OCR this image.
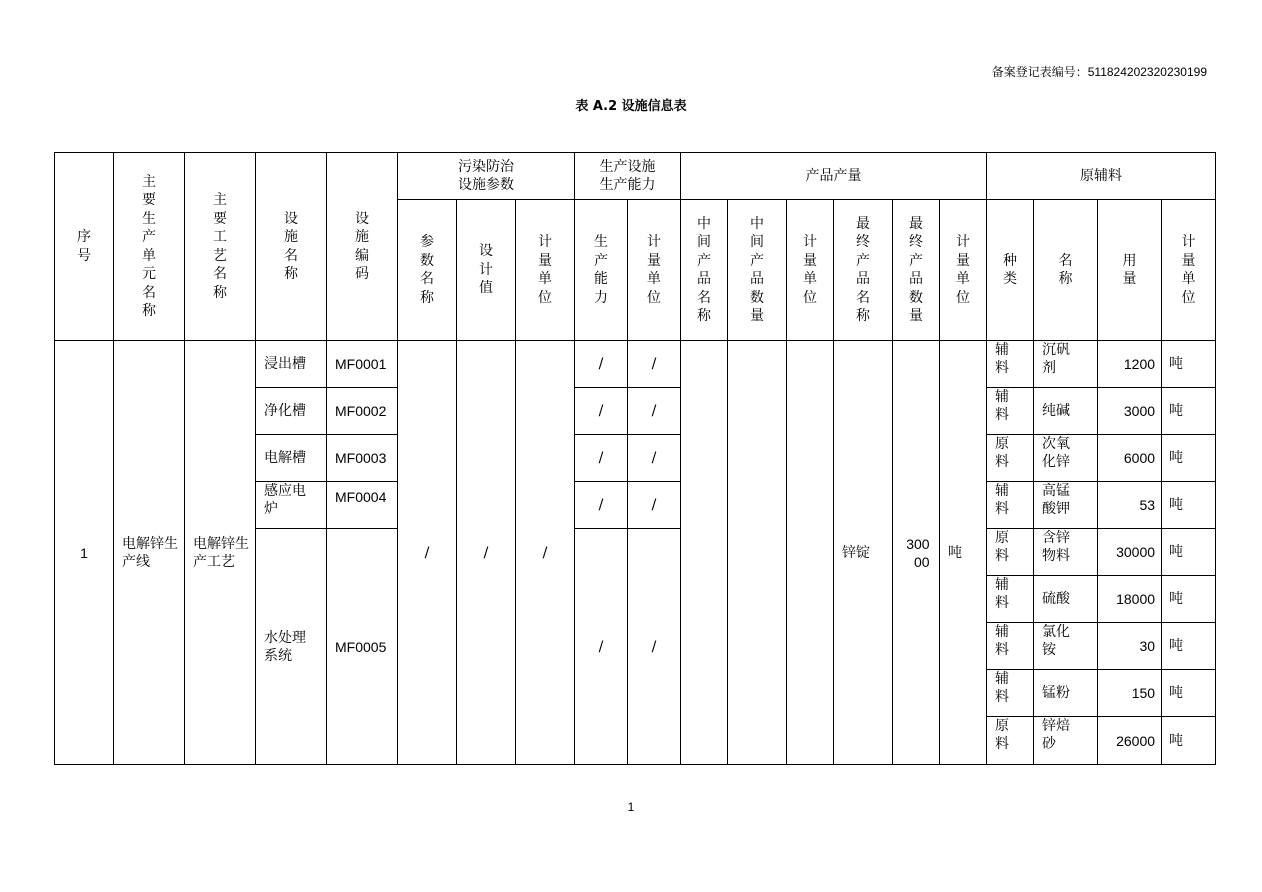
备案登记表编号：511824202320230199
表 A.2 设施信息表
序号	主要生产单元名称	主要工艺名称	设施名称	设施编码	污染防治设施参数			生产设施生产能力		产品产量						原辅料			
					参数名称	设计值	计量单位	生产能力	计量单位	中间产品名称	中间产品数量	计量单位	最终产品名称	最终产品数量	计量单位	种类	名称	用量	计量单位
1	电解锌生产线	电解锌生产工艺	浸出槽	MF0001	/	/	/	/	/				锌锭	30000	吨	辅料	沉矾剂	1200	吨
			净化槽	MF0002				/	/							辅料	纯碱	3000	吨
			电解槽	MF0003				/	/							原料	次氧化锌	6000	吨
			感应电炉	MF0004				/	/							辅料	高锰酸钾	53	吨
			水处理系统	MF0005				/	/							原料	含锌物料	30000	吨
																辅料	硫酸	18000	吨
																辅料	氯化铵	30	吨
																辅料	锰粉	150	吨
																原料	锌焙砂	26000	吨
1
